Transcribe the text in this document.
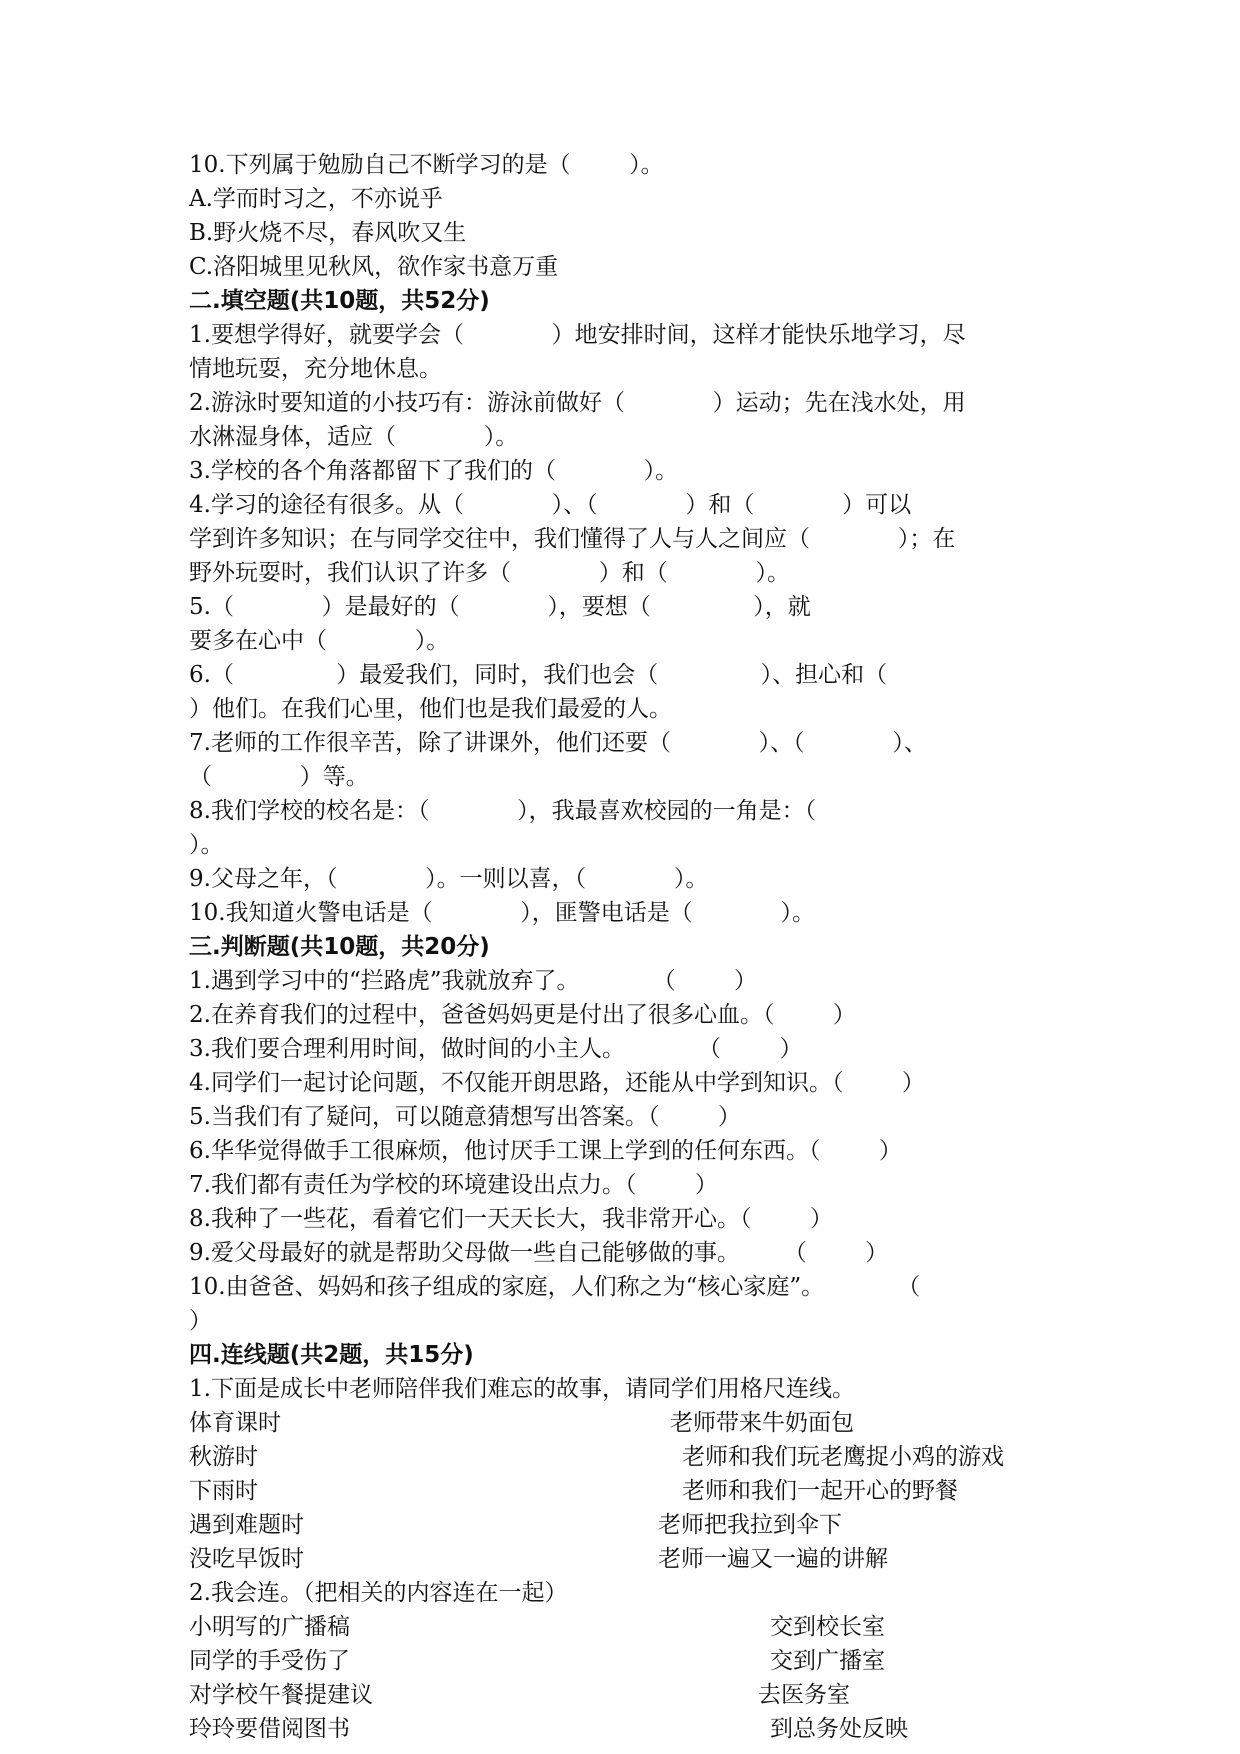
10.下列属于勉励自己不断学习的是（        ）。
A.学而时习之，不亦说乎
B.野火烧不尽，春风吹又生
C.洛阳城里见秋风，欲作家书意万重
二.填空题(共10题，共52分)
1.要想学得好，就要学会（            ）地安排时间，这样才能快乐地学习，尽
情地玩耍，充分地休息。
2.游泳时要知道的小技巧有：游泳前做好（            ）运动；先在浅水处，用
水淋湿身体，适应（            ）。
3.学校的各个角落都留下了我们的（            ）。
4.学习的途径有很多。从（            ）、（            ）和（            ）可以
学到许多知识；在与同学交往中，我们懂得了人与人之间应（            ）；在
野外玩耍时，我们认识了许多（            ）和（            ）。
5.（            ）是最好的（            ），要想（              ），就
要多在心中（            ）。
6.（              ）最爱我们，同时，我们也会（              ）、担心和（
）他们。在我们心里，他们也是我们最爱的人。
7.老师的工作很辛苦，除了讲课外，他们还要（            ）、（            ）、
（            ）等。
8.我们学校的校名是：（            ），我最喜欢校园的一角是：（
）。
9.父母之年，（            ）。一则以喜，（            ）。
10.我知道火警电话是（            ），匪警电话是（            ）。
三.判断题(共10题，共20分)
1.遇到学习中的“拦路虎”我就放弃了。          （        ）
2.在养育我们的过程中，爸爸妈妈更是付出了很多心血。（        ）
3.我们要合理利用时间，做时间的小主人。          （        ）
4.同学们一起讨论问题，不仅能开朗思路，还能从中学到知识。（        ）
5.当我们有了疑问，可以随意猜想写出答案。（        ）
6.华华觉得做手工很麻烦，他讨厌手工课上学到的任何东西。（        ）
7.我们都有责任为学校的环境建设出点力。（        ）
8.我种了一些花，看着它们一天天长大，我非常开心。（        ）
9.爱父母最好的就是帮助父母做一些自己能够做的事。      （        ）
10.由爸爸、妈妈和孩子组成的家庭，人们称之为“核心家庭”。          （
）
四.连线题(共2题，共15分)
1.下面是成长中老师陪伴我们难忘的故事，请同学们用格尺连线。
体育课时	老师带来牛奶面包
秋游时	老师和我们玩老鹰捉小鸡的游戏
下雨时	老师和我们一起开心的野餐
遇到难题时	老师把我拉到伞下
没吃早饭时	老师一遍又一遍的讲解
2.我会连。（把相关的内容连在一起）
小明写的广播稿	交到校长室
同学的手受伤了	交到广播室
对学校午餐提建议	去医务室
玲玲要借阅图书	到总务处反映
